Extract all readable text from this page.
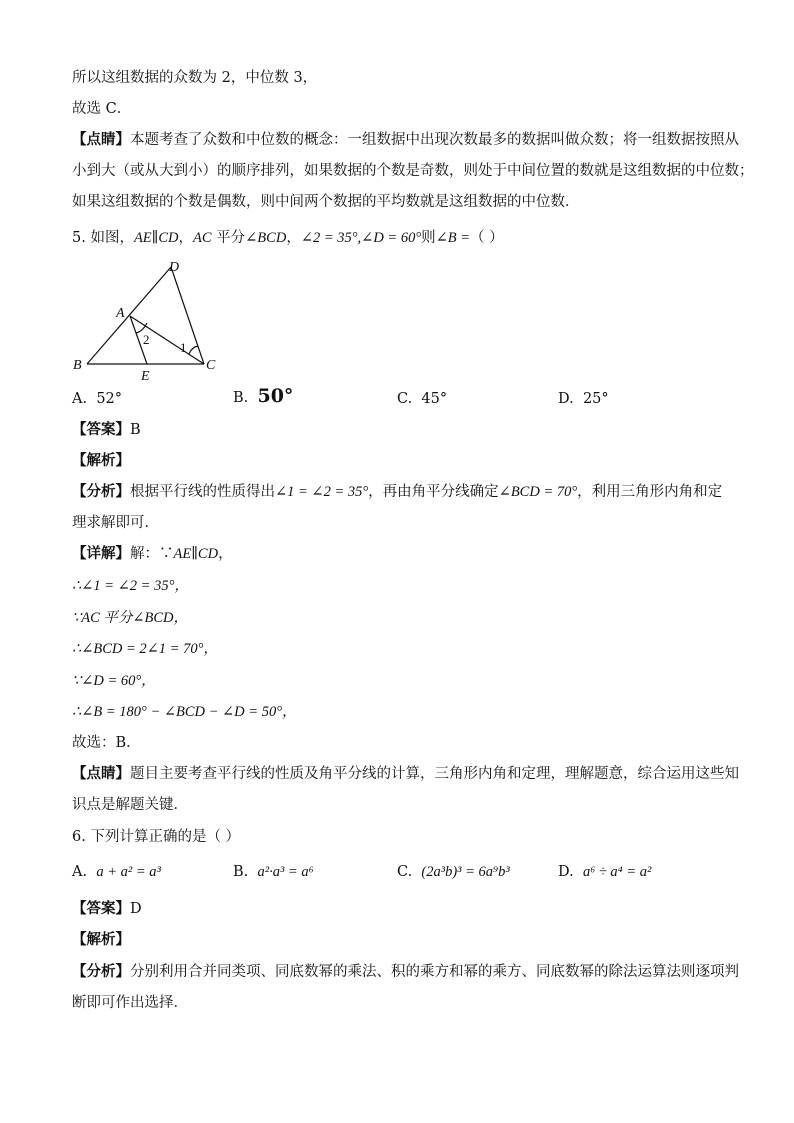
所以这组数据的众数为 2，中位数 3，
故选 C．
【点睛】本题考查了众数和中位数的概念：一组数据中出现次数最多的数据叫做众数；将一组数据按照从
小到大（或从大到小）的顺序排列，如果数据的个数是奇数，则处于中间位置的数就是这组数据的中位数；
如果这组数据的个数是偶数，则中间两个数据的平均数就是这组数据的中位数．
5. 如图，AE∥CD，AC 平分∠BCD，∠2 = 35°,∠D = 60°则∠B =（ ）
D
A
B
E
C
2
1
A. 52°	B. 50°	C. 45°	D. 25°
【答案】B
【解析】
【分析】根据平行线的性质得出∠1 = ∠2 = 35°，再由角平分线确定∠BCD = 70°，利用三角形内角和定
理求解即可．
【详解】解：∵AE∥CD，
∴∠1 = ∠2 = 35°，
∵AC 平分∠BCD，
∴∠BCD = 2∠1 = 70°，
∵∠D = 60°，
∴∠B = 180° − ∠BCD − ∠D = 50°，
故选：B．
【点睛】题目主要考查平行线的性质及角平分线的计算，三角形内角和定理，理解题意，综合运用这些知
识点是解题关键．
6. 下列计算正确的是（ ）
A. a + a² = a³	B. a²·a³ = a⁶	C. (2a³b)³ = 6a⁹b³	D. a⁶ ÷ a⁴ = a²
【答案】D
【解析】
【分析】分别利用合并同类项、同底数幂的乘法、积的乘方和幂的乘方、同底数幂的除法运算法则逐项判
断即可作出选择．
